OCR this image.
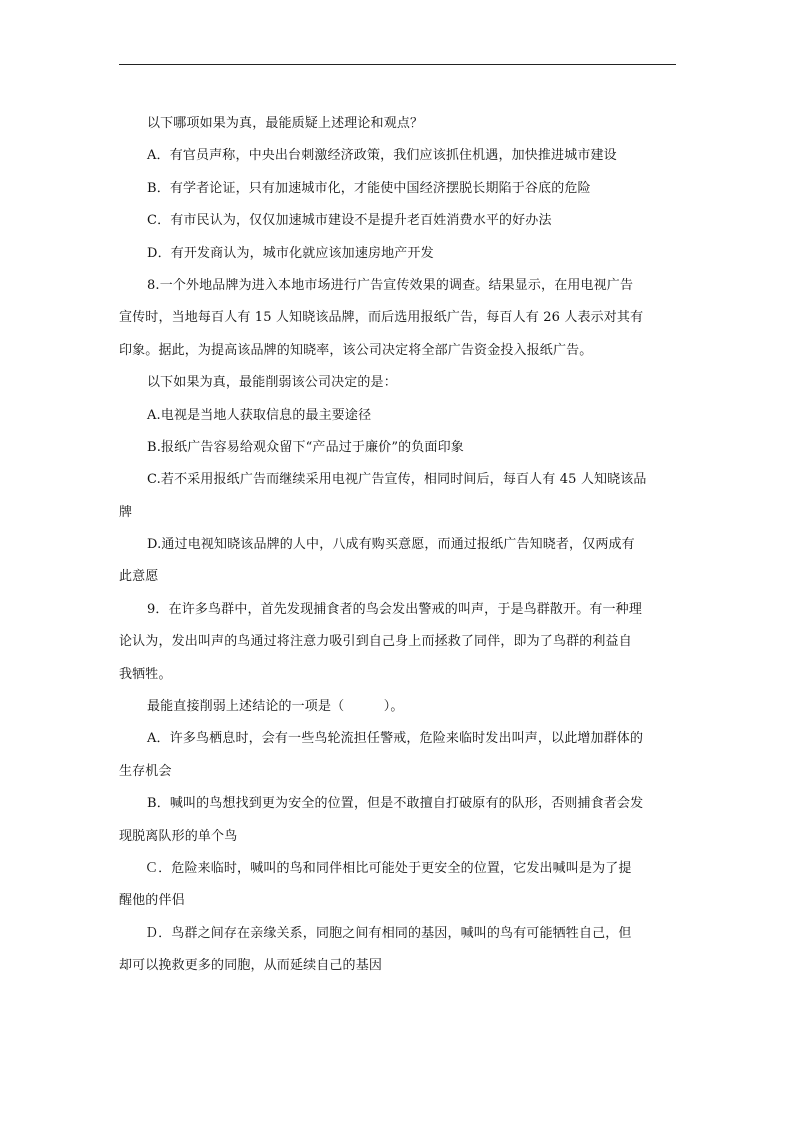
以下哪项如果为真，最能质疑上述理论和观点？
A．有官员声称，中央出台刺激经济政策，我们应该抓住机遇，加快推进城市建设
B．有学者论证，只有加速城市化，才能使中国经济摆脱长期陷于谷底的危险
C．有市民认为，仅仅加速城市建设不是提升老百姓消费水平的好办法
D．有开发商认为，城市化就应该加速房地产开发
8.一个外地品牌为进入本地市场进行广告宣传效果的调查。结果显示，在用电视广告
宣传时，当地每百人有 15 人知晓该品牌，而后选用报纸广告，每百人有 26 人表示对其有
印象。据此，为提高该品牌的知晓率，该公司决定将全部广告资金投入报纸广告。
以下如果为真，最能削弱该公司决定的是：
A.电视是当地人获取信息的最主要途径
B.报纸广告容易给观众留下“产品过于廉价”的负面印象
C.若不采用报纸广告而继续采用电视广告宣传，相同时间后，每百人有 45 人知晓该品
牌
D.通过电视知晓该品牌的人中，八成有购买意愿，而通过报纸广告知晓者，仅两成有
此意愿
9．在许多鸟群中，首先发现捕食者的鸟会发出警戒的叫声，于是鸟群散开。有一种理
论认为，发出叫声的鸟通过将注意力吸引到自己身上而拯救了同伴，即为了鸟群的利益自
我牺牲。
最能直接削弱上述结论的一项是（　　　）。
A．许多鸟栖息时，会有一些鸟轮流担任警戒，危险来临时发出叫声，以此增加群体的
生存机会
B．喊叫的鸟想找到更为安全的位置，但是不敢擅自打破原有的队形，否则捕食者会发
现脱离队形的单个鸟
Ｃ．危险来临时，喊叫的鸟和同伴相比可能处于更安全的位置，它发出喊叫是为了提
醒他的伴侣
Ｄ．鸟群之间存在亲缘关系，同胞之间有相同的基因，喊叫的鸟有可能牺牲自己，但
却可以挽救更多的同胞，从而延续自己的基因
